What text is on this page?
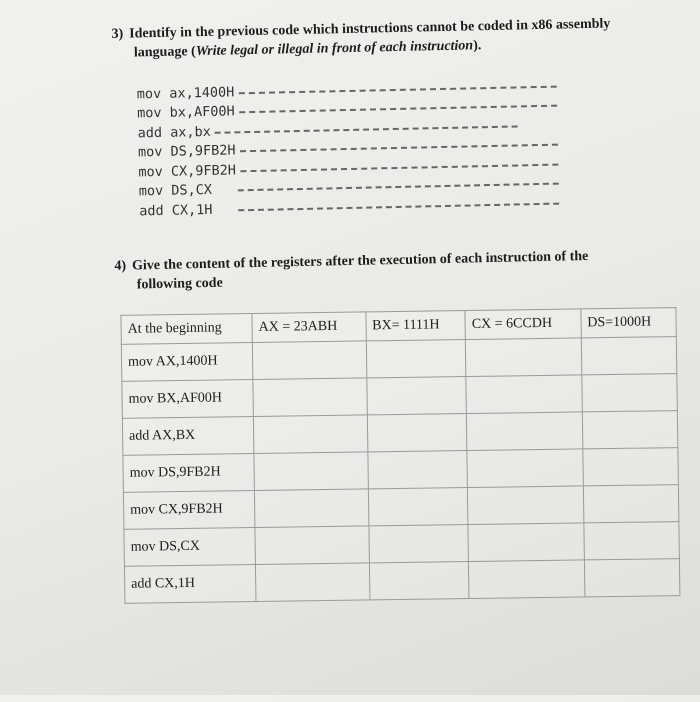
3) Identify in the previous code which instructions cannot be coded in x86 assembly
language (Write legal or illegal in front of each instruction).
mov ax,1400H
mov bx,AF00H
add ax,bx
mov DS,9FB2H
mov CX,9FB2H
mov DS,CX
add CX,1H
4) Give the content of the registers after the execution of each instruction of the
following code
At the beginning	AX = 23ABH	BX= 1111H	CX = 6CCDH	DS=1000H
mov AX,1400H				
mov BX,AF00H				
add AX,BX				
mov DS,9FB2H				
mov CX,9FB2H				
mov DS,CX				
add CX,1H				
